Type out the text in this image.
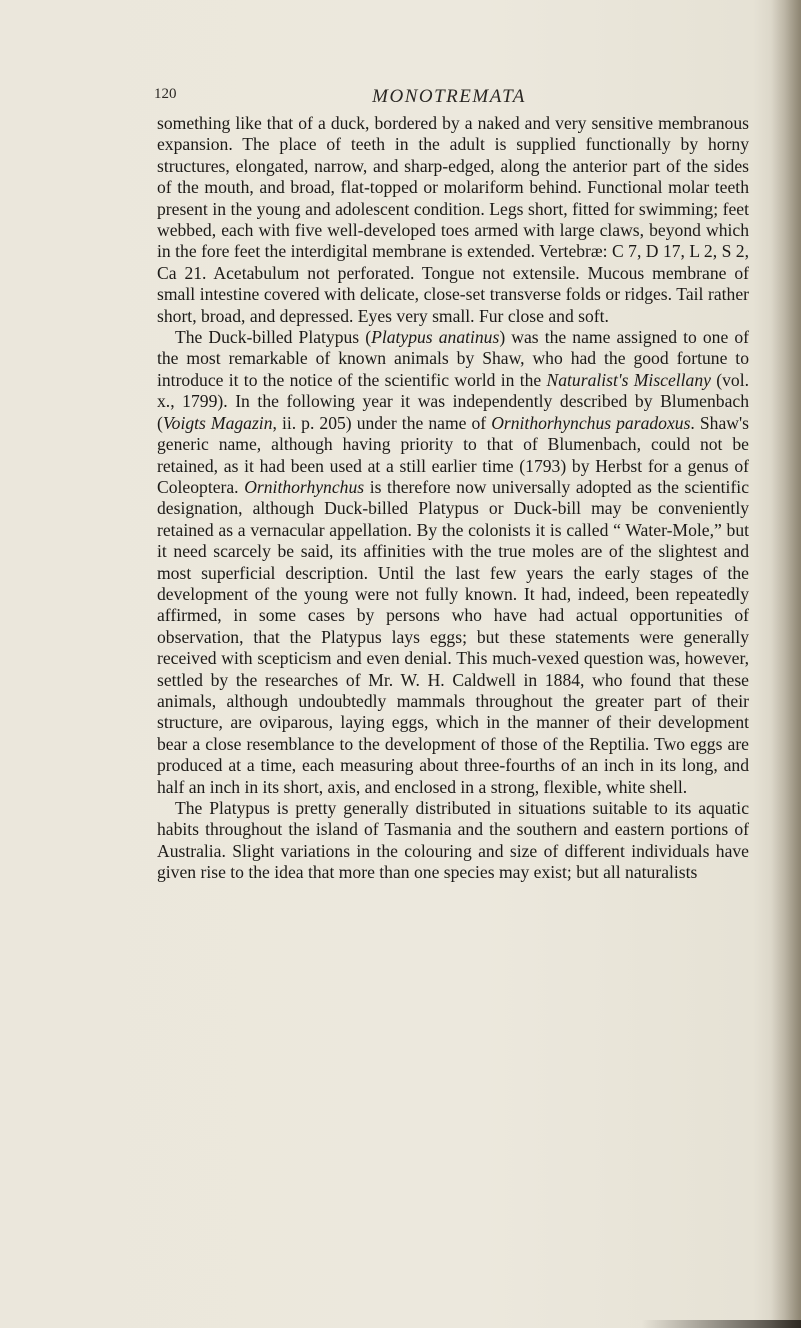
120	MONOTREMATA

something like that of a duck, bordered by a naked and very sensitive membranous expansion. The place of teeth in the adult is supplied functionally by horny structures, elongated, narrow, and sharp-edged, along the anterior part of the sides of the mouth, and broad, flat-topped or molariform behind. Functional molar teeth present in the young and adolescent condition. Legs short, fitted for swimming; feet webbed, each with five well-developed toes armed with large claws, beyond which in the fore feet the interdigital membrane is extended. Vertebræ: C 7, D 17, L 2, S 2, Ca 21. Acetabulum not perforated. Tongue not extensile. Mucous membrane of small intestine covered with delicate, close-set transverse folds or ridges. Tail rather short, broad, and depressed. Eyes very small. Fur close and soft.

The Duck-billed Platypus (Platypus anatinus) was the name assigned to one of the most remarkable of known animals by Shaw, who had the good fortune to introduce it to the notice of the scientific world in the Naturalist's Miscellany (vol. x., 1799). In the following year it was independently described by Blumenbach (Voigts Magazin, ii. p. 205) under the name of Ornithorhynchus paradoxus. Shaw's generic name, although having priority to that of Blumenbach, could not be retained, as it had been used at a still earlier time (1793) by Herbst for a genus of Coleoptera. Ornithorhynchus is therefore now universally adopted as the scientific designation, although Duck-billed Platypus or Duck-bill may be conveniently retained as a vernacular appellation. By the colonists it is called “ Water-Mole,” but it need scarcely be said, its affinities with the true moles are of the slightest and most superficial description. Until the last few years the early stages of the development of the young were not fully known. It had, indeed, been repeatedly affirmed, in some cases by persons who have had actual opportunities of observation, that the Platypus lays eggs; but these statements were generally received with scepticism and even denial. This much-vexed question was, however, settled by the researches of Mr. W. H. Caldwell in 1884, who found that these animals, although undoubtedly mammals throughout the greater part of their structure, are oviparous, laying eggs, which in the manner of their development bear a close resemblance to the development of those of the Reptilia. Two eggs are produced at a time, each measuring about three-fourths of an inch in its long, and half an inch in its short, axis, and enclosed in a strong, flexible, white shell.

The Platypus is pretty generally distributed in situations suitable to its aquatic habits throughout the island of Tasmania and the southern and eastern portions of Australia. Slight variations in the colouring and size of different individuals have given rise to the idea that more than one species may exist; but all naturalists
